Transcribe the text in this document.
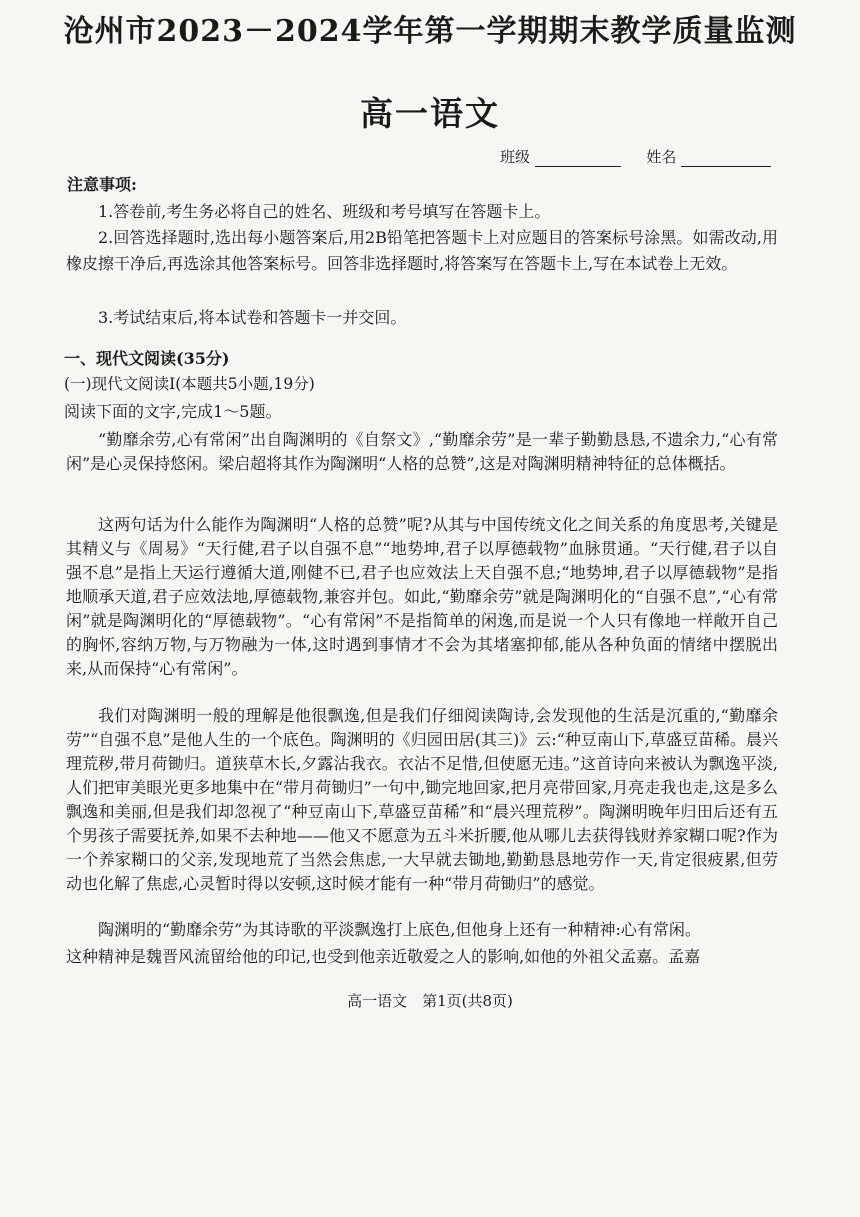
沧州市2023－2024学年第一学期期末教学质量监测
高一语文
班级	姓名
注意事项:

1.答卷前,考生务必将自己的姓名、班级和考号填写在答题卡上。

2.回答选择题时,选出每小题答案后,用2B铅笔把答题卡上对应题目的答案标号涂黑。如需改动,用橡皮擦干净后,再选涂其他答案标号。回答非选择题时,将答案写在答题卡上,写在本试卷上无效。

3.考试结束后,将本试卷和答题卡一并交回。

一、现代文阅读(35分)
(一)现代文阅读Ⅰ(本题共5小题,19分)
阅读下面的文字,完成1～5题。

“勤靡余劳,心有常闲”出自陶渊明的《自祭文》,“勤靡余劳”是一辈子勤勤恳恳,不遗余力,“心有常闲”是心灵保持悠闲。梁启超将其作为陶渊明“人格的总赞”,这是对陶渊明精神特征的总体概括。

这两句话为什么能作为陶渊明“人格的总赞”呢?从其与中国传统文化之间关系的角度思考,关键是其精义与《周易》“天行健,君子以自强不息”“地势坤,君子以厚德载物”血脉贯通。“天行健,君子以自强不息”是指上天运行遵循大道,刚健不已,君子也应效法上天自强不息;“地势坤,君子以厚德载物”是指地顺承天道,君子应效法地,厚德载物,兼容并包。如此,“勤靡余劳”就是陶渊明化的“自强不息”,“心有常闲”就是陶渊明化的“厚德载物”。“心有常闲”不是指简单的闲逸,而是说一个人只有像地一样敞开自己的胸怀,容纳万物,与万物融为一体,这时遇到事情才不会为其堵塞抑郁,能从各种负面的情绪中摆脱出来,从而保持“心有常闲”。

我们对陶渊明一般的理解是他很飘逸,但是我们仔细阅读陶诗,会发现他的生活是沉重的,“勤靡余劳”“自强不息”是他人生的一个底色。陶渊明的《归园田居(其三)》云:“种豆南山下,草盛豆苗稀。晨兴理荒秽,带月荷锄归。道狭草木长,夕露沾我衣。衣沾不足惜,但使愿无违。”这首诗向来被认为飘逸平淡,人们把审美眼光更多地集中在“带月荷锄归”一句中,锄完地回家,把月亮带回家,月亮走我也走,这是多么飘逸和美丽,但是我们却忽视了“种豆南山下,草盛豆苗稀”和“晨兴理荒秽”。陶渊明晚年归田后还有五个男孩子需要抚养,如果不去种地——他又不愿意为五斗米折腰,他从哪儿去获得钱财养家糊口呢?作为一个养家糊口的父亲,发现地荒了当然会焦虑,一大早就去锄地,勤勤恳恳地劳作一天,肯定很疲累,但劳动也化解了焦虑,心灵暂时得以安顿,这时候才能有一种“带月荷锄归”的感觉。

陶渊明的“勤靡余劳”为其诗歌的平淡飘逸打上底色,但他身上还有一种精神:心有常闲。

这种精神是魏晋风流留给他的印记,也受到他亲近敬爱之人的影响,如他的外祖父孟嘉。孟嘉

高一语文　第1页(共8页)
